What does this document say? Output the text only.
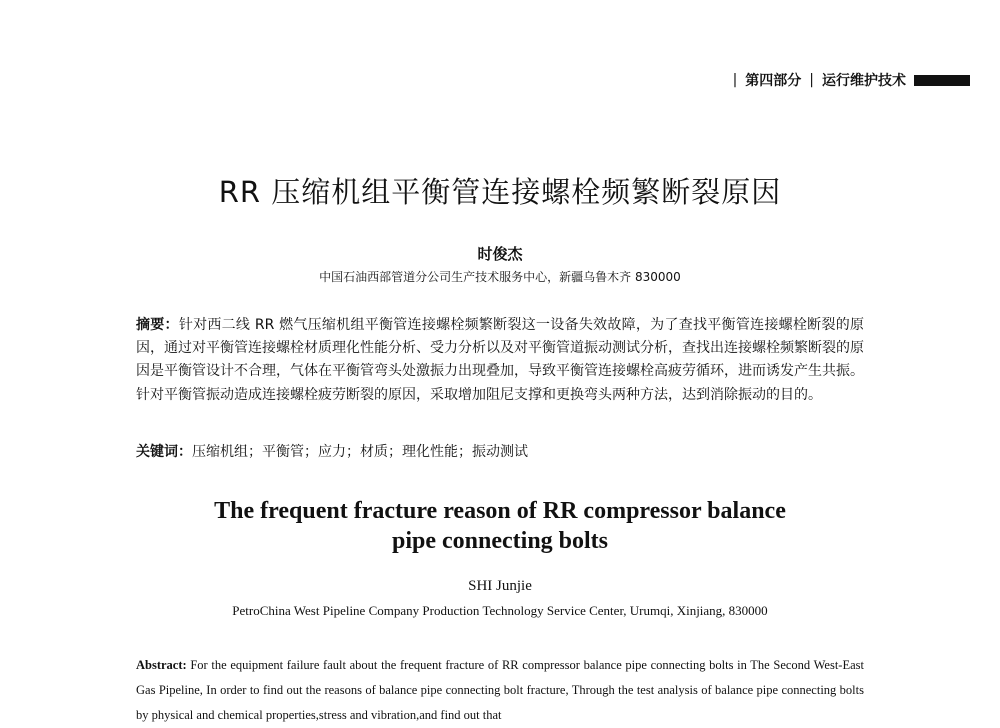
| 第四部分 | 运行维护技术
RR 压缩机组平衡管连接螺栓频繁断裂原因
时俊杰
中国石油西部管道分公司生产技术服务中心，新疆乌鲁木齐 830000
摘要：针对西二线 RR 燃气压缩机组平衡管连接螺栓频繁断裂这一设备失效故障，为了查找平衡管连接螺栓断裂的原因，通过对平衡管连接螺栓材质理化性能分析、受力分析以及对平衡管道振动测试分析，查找出连接螺栓频繁断裂的原因是平衡管设计不合理，气体在平衡管弯头处激振力出现叠加，导致平衡管连接螺栓高疲劳循环，进而诱发产生共振。针对平衡管振动造成连接螺栓疲劳断裂的原因，采取增加阻尼支撑和更换弯头两种方法，达到消除振动的目的。
关键词：压缩机组；平衡管；应力；材质；理化性能；振动测试
The frequent fracture reason of RR compressor balance
pipe connecting bolts
SHI Junjie
PetroChina West Pipeline Company Production Technology Service Center, Urumqi, Xinjiang, 830000
Abstract: For the equipment failure fault about the frequent fracture of RR compressor balance pipe connecting bolts in The Second West-East Gas Pipeline, In order to find out the reasons of balance pipe connecting bolt fracture, Through the test analysis of balance pipe connecting bolts by physical and chemical properties,stress and vibration,and find out that
